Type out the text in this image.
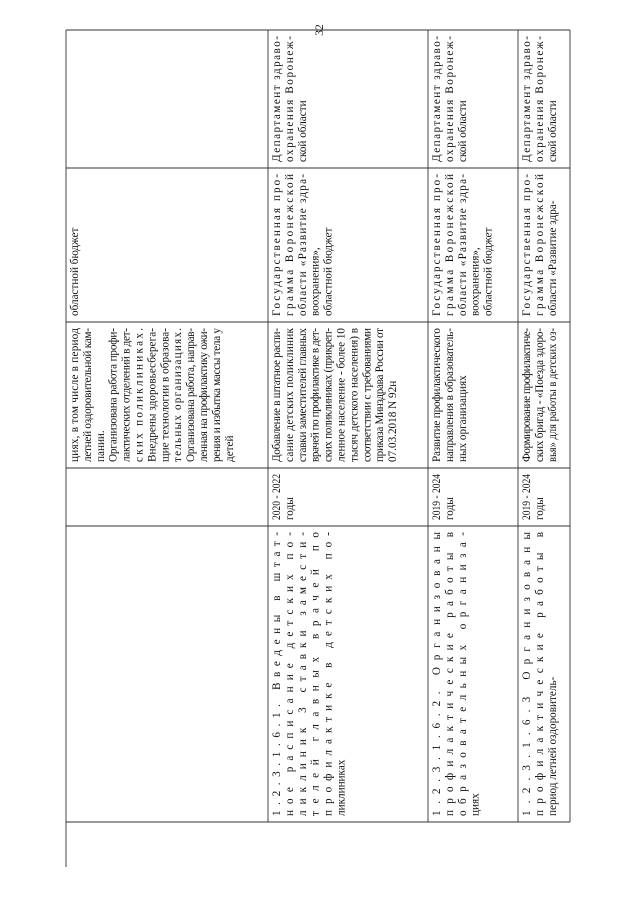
32
областной бюджет
циях, в том числе в период
летней оздоровительной кам-
пании. Организована работа профи-
лактических отделений в дет-
ских поликлиниках.
Внедрены здоровьесберега-
щие технологии в образова-
тельных организациях.
Организована работа, направ-
ленная на профилактику ожи-
рения и избытка массы тела у
детей
Департамент здраво-
охранения Воронеж-
ской области
Государственная про-
грамма Воронежской
области «Развитие здра-
воохранения», областной бюджет
Добавление в штатное распи-
сание детских поликлиник
ставки заместителей главных
врачей по профилактике в дет-
ских поликлиниках (прикреп-
ленное население - более 10
тысяч детского населения) в
соответствии с требованиями
приказа Минздрава России от
07.03.2018 N 92н
2020 - 2022 годы
1.2.3.1.6.1. Введены в штат-
ное расписание детских по-
ликлиник 3 ставки замести-
телей главных врачей по
профилактике в детских по-
ликлиниках
Департамент здраво-
охранения Воронеж-
ской области
Государственная про-
грамма Воронежской
области «Развитие здра-
воохранения», областной бюджет
Развитие профилактического
направления в образователь-
ных организациях
2019 - 2024 годы
1.2.3.1.6.2. Организованы
профилактические работы в
образовательных организа-
циях
Департамент здраво-
охранения Воронеж-
ской области
Государственная про-
грамма Воронежской
области «Развитие здра-
Формирование профилактиче-
ских бригад - «Поезда здоро- вья» для работы в детских оз-
2019 - 2024 годы
1.2.3.1.6.3 Организованы
профилактические работы в
период летней оздоровитель-
